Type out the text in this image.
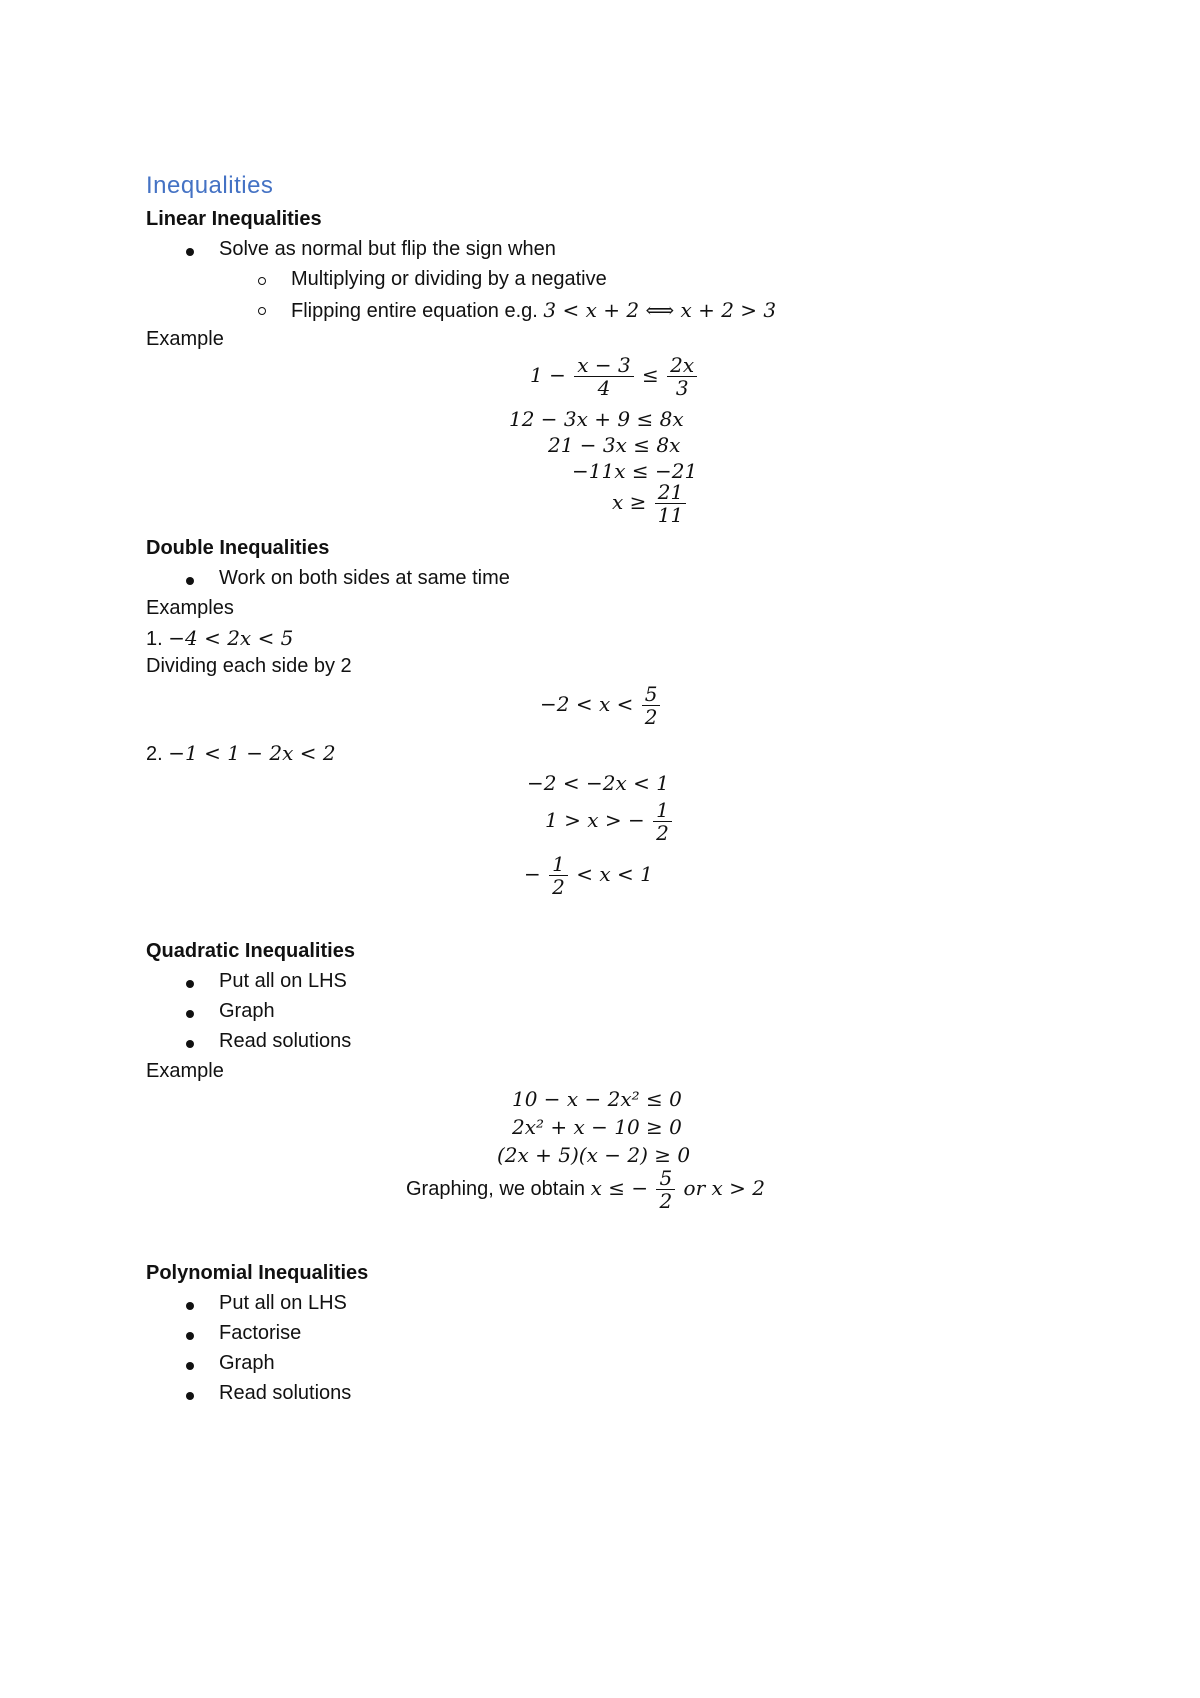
Inequalities
Linear Inequalities
Solve as normal but flip the sign when
Multiplying or dividing by a negative
Flipping entire equation e.g. 3 < x + 2 ⟺ x + 2 > 3
Example
$1 - \frac{x - 3}{4} \le \frac{2x}{3}$
12 − 3x + 9 ≤ 8x
21 − 3x ≤ 8x
−11x ≤ −21
$x \ge \frac{21}{11}$
Double Inequalities
Work on both sides at same time
Examples
1. −4 < 2x < 5
Dividing each side by 2
$-2 < x < \frac{5}{2}$
2. −1 < 1 − 2x < 2
−2 < −2x < 1
1 > x > − $\frac{1}{2}$
− $\frac{1}{2} < x < 1$
Quadratic Inequalities
Put all on LHS
Graph
Read solutions
Example
10 − x − 2x² ≤ 0
2x² + x − 10 ≥ 0
(2x + 5)(x − 2) ≥ 0
Graphing, we obtain x ≤ − $\frac{5}{2}$ or x > 2
Polynomial Inequalities
Put all on LHS
Factorise
Graph
Read solutions
